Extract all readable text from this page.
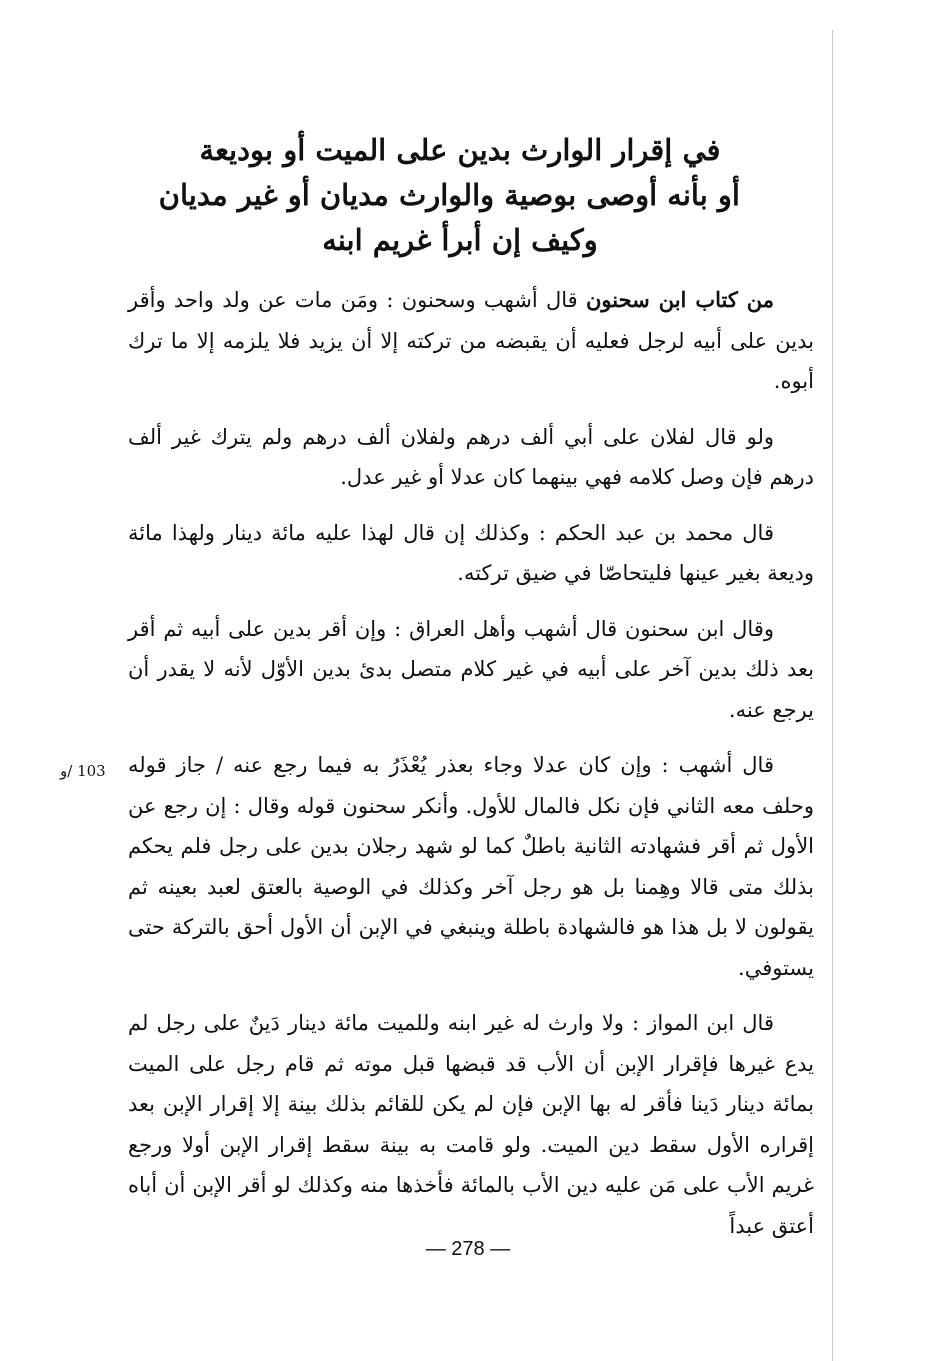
في إقرار الوارث بدين على الميت أو بوديعة
أو بأنه أوصى بوصية والوارث مديان أو غير مديان
وكيف إن أبرأ غريم ابنه
103 /و

من كتاب ابن سحنون قال أشهب وسحنون : ومَن مات عن ولد واحد وأقر بدين على أبيه لرجل فعليه أن يقبضه من تركته إلا أن يزيد فلا يلزمه إلا ما ترك أبوه.

ولو قال لفلان على أبي ألف درهم ولفلان ألف درهم ولم يترك غير ألف درهم فإن وصل كلامه فهي بينهما كان عدلا أو غير عدل.

قال محمد بن عبد الحكم : وكذلك إن قال لهذا عليه مائة دينار ولهذا مائة وديعة بغير عينها فليتحاصّا في ضيق تركته.

وقال ابن سحنون قال أشهب وأهل العراق : وإن أقر بدين على أبيه ثم أقر بعد ذلك بدين آخر على أبيه في غير كلام متصل بدئ بدين الأوّل لأنه لا يقدر أن يرجع عنه.

قال أشهب : وإن كان عدلا وجاء بعذر يُعْذَرُ به فيما رجع عنه / جاز قوله وحلف معه الثاني فإن نكل فالمال للأول. وأنكر سحنون قوله وقال : إن رجع عن الأول ثم أقر فشهادته الثانية باطلٌ كما لو شهد رجلان بدين على رجل فلم يحكم بذلك متى قالا وهِمنا بل هو رجل آخر وكذلك في الوصية بالعتق لعبد بعينه ثم يقولون لا بل هذا هو فالشهادة باطلة وينبغي في الإبن أن الأول أحق بالتركة حتى يستوفي.

قال ابن المواز : ولا وارث له غير ابنه وللميت مائة دينار دَينٌ على رجل لم يدع غيرها فإقرار الإبن أن الأب قد قبضها قبل موته ثم قام رجل على الميت بمائة دينار دَينا فأقر له بها الإبن فإن لم يكن للقائم بذلك بينة إلا إقرار الإبن بعد إقراره الأول سقط دين الميت. ولو قامت به بينة سقط إقرار الإبن أولا ورجع غريم الأب على مَن عليه دين الأب بالمائة فأخذها منه وكذلك لو أقر الإبن أن أباه أعتق عبداً

— 278 —
